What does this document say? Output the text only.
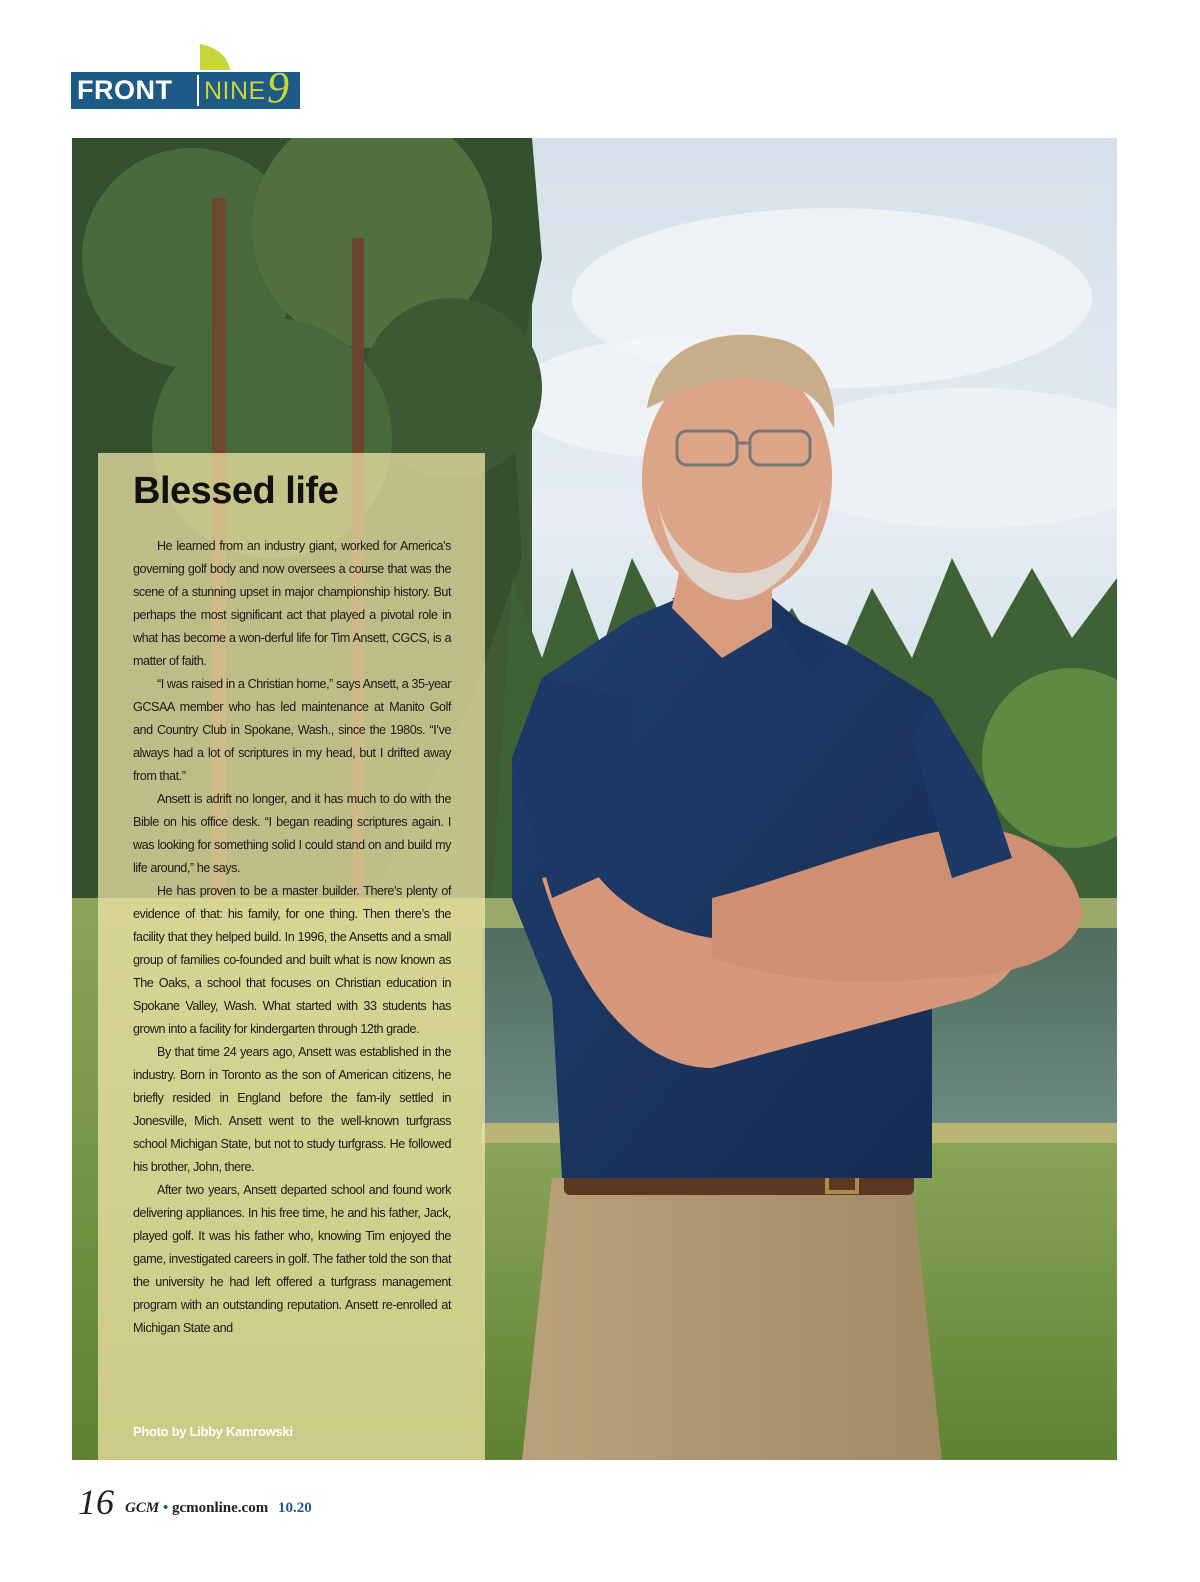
FRONT NINE 9
Blessed life

He learned from an industry giant, worked for America’s governing golf body and now oversees a course that was the scene of a stunning upset in major championship history. But perhaps the most significant act that played a pivotal role in what has become a won-derful life for Tim Ansett, CGCS, is a matter of faith.

“I was raised in a Christian home,” says Ansett, a 35-year GCSAA member who has led maintenance at Manito Golf and Country Club in Spokane, Wash., since the 1980s. “I’ve always had a lot of scriptures in my head, but I drifted away from that.”

Ansett is adrift no longer, and it has much to do with the Bible on his office desk. “I began reading scriptures again. I was looking for something solid I could stand on and build my life around,” he says.

He has proven to be a master builder. There’s plenty of evidence of that: his family, for one thing. Then there’s the facility that they helped build. In 1996, the Ansetts and a small group of families co-founded and built what is now known as The Oaks, a school that focuses on Christian education in Spokane Valley, Wash. What started with 33 students has grown into a facility for kindergarten through 12th grade.

By that time 24 years ago, Ansett was established in the industry. Born in Toronto as the son of American citizens, he briefly resided in England before the fam-ily settled in Jonesville, Mich. Ansett went to the well-known turfgrass school Michigan State, but not to study turfgrass. He followed his brother, John, there.

After two years, Ansett departed school and found work delivering appliances. In his free time, he and his father, Jack, played golf. It was his father who, knowing Tim enjoyed the game, investigated careers in golf. The father told the son that the university he had left offered a turfgrass management program with an outstanding reputation. Ansett re-enrolled at Michigan State and

Photo by Libby Kamrowski
16 GCM • gcmonline.com 10.20
